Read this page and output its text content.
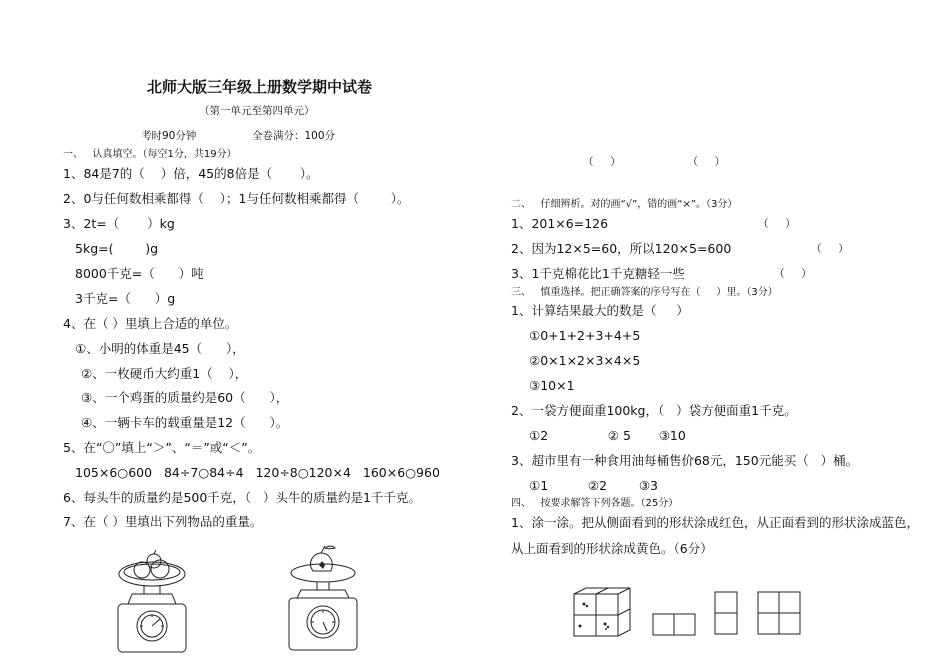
北师大版三年级上册数学期中试卷
（第一单元至第四单元）
考时90分钟	全卷满分：100分
一、   认真填空。（每空1分，共19分）
1、84是7的（    ）倍，45的8倍是（       ）。
2、0与任何数相乘都得（    ）；1与任何数相乘都得（        ）。
3、2t=（       ）kg
5kg=(        )g
8000千克=（      ）吨
3千克=（      ）g
4、在（ ）里填上合适的单位。
①、小明的体重是45（      ），
②、一枚硬币大约重1（    ），
③、一个鸡蛋的质量约是60（      ），
④、一辆卡车的载重量是12（      ）。
5、在“〇”填上“＞”、“＝”或“＜”。
105×6○600   84÷7○84÷4   120÷8○120×4   160×6○960
6、每头牛的质量约是500千克，（   ）头牛的质量约是1千千克。
7、在（ ）里填出下列物品的重量。
（     ）                    （     ）
二、   仔细辨析。对的画“√”，错的画“×”。（3分）
1、201×6=126	（     ）
2、因为12×5=60，所以120×5=600	（     ）
3、1千克棉花比1千克糖轻一些	（     ）
三、   慎重选择。把正确答案的序号写在（     ）里。（3分）
1、计算结果最大的数是（     ）
①0+1+2+3+4+5
②0×1×2×3×4×5
③10×1
2、一袋方便面重100kg，（   ）袋方便面重1千克。
①2               ② 5       ③10
3、超市里有一种食用油每桶售价68元，150元能买（   ）桶。
①1          ②2        ③3
四、   按要求解答下列各题。（25分）
1、涂一涂。把从侧面看到的形状涂成红色，从正面看到的形状涂成蓝色，
从上面看到的形状涂成黄色。（6分）
